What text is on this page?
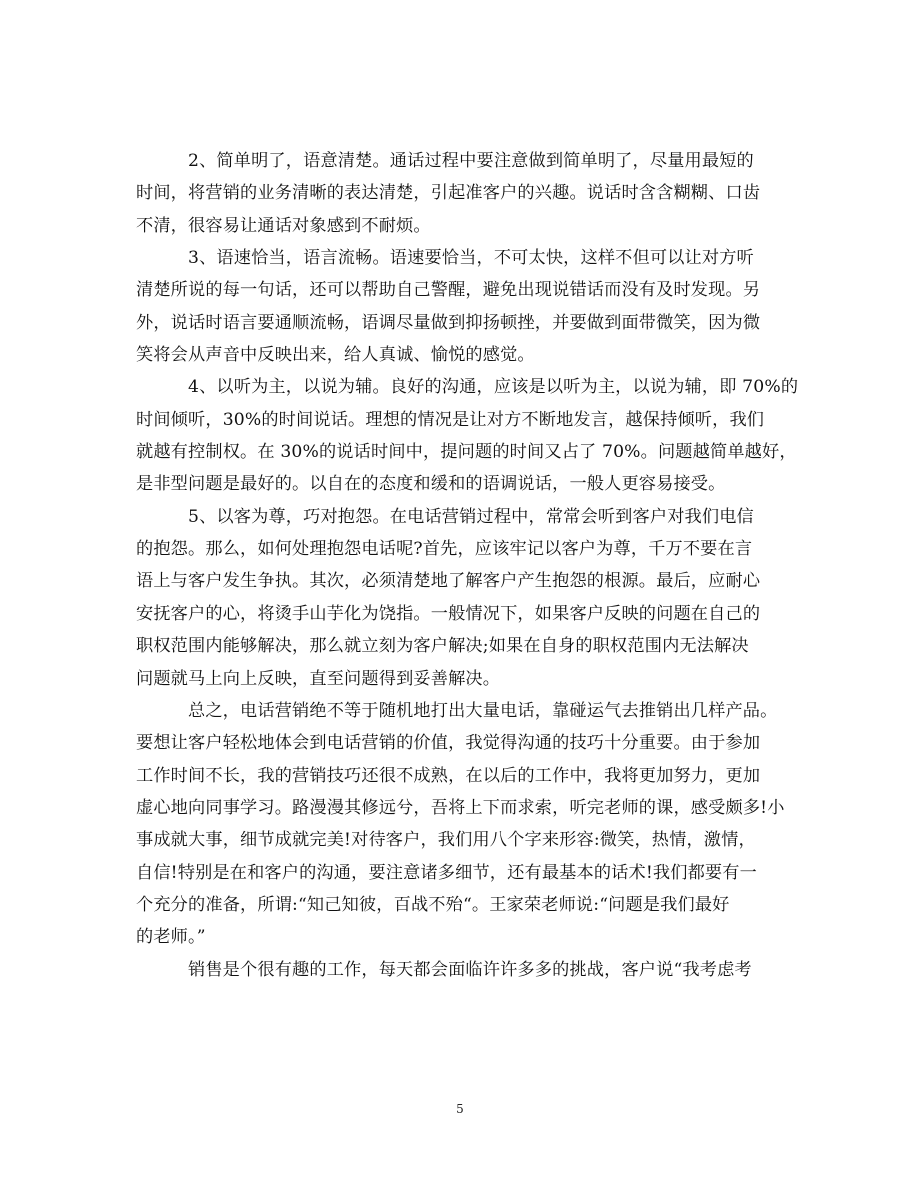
2、简单明了，语意清楚。通话过程中要注意做到简单明了，尽量用最短的
时间，将营销的业务清晰的表达清楚，引起准客户的兴趣。说话时含含糊糊、口齿
不清，很容易让通话对象感到不耐烦。
3、语速恰当，语言流畅。语速要恰当，不可太快，这样不但可以让对方听
清楚所说的每一句话，还可以帮助自己警醒，避免出现说错话而没有及时发现。另
外，说话时语言要通顺流畅，语调尽量做到抑扬顿挫，并要做到面带微笑，因为微
笑将会从声音中反映出来，给人真诚、愉悦的感觉。
4、以听为主，以说为辅。良好的沟通，应该是以听为主，以说为辅，即 70%的
时间倾听，30%的时间说话。理想的情况是让对方不断地发言，越保持倾听，我们
就越有控制权。在 30%的说话时间中，提问题的时间又占了 70%。问题越简单越好，
是非型问题是最好的。以自在的态度和缓和的语调说话，一般人更容易接受。
5、以客为尊，巧对抱怨。在电话营销过程中，常常会听到客户对我们电信
的抱怨。那么，如何处理抱怨电话呢?首先，应该牢记以客户为尊，千万不要在言
语上与客户发生争执。其次，必须清楚地了解客户产生抱怨的根源。最后，应耐心
安抚客户的心，将烫手山芋化为饶指。一般情况下，如果客户反映的问题在自己的
职权范围内能够解决，那么就立刻为客户解决;如果在自身的职权范围内无法解决
问题就马上向上反映，直至问题得到妥善解决。
总之，电话营销绝不等于随机地打出大量电话，靠碰运气去推销出几样产品。
要想让客户轻松地体会到电话营销的价值，我觉得沟通的技巧十分重要。由于参加
工作时间不长，我的营销技巧还很不成熟，在以后的工作中，我将更加努力，更加
虚心地向同事学习。路漫漫其修远兮，吾将上下而求索，听完老师的课，感受颇多!小
事成就大事，细节成就完美!对待客户，我们用八个字来形容:微笑，热情，激情，
自信!特别是在和客户的沟通，要注意诸多细节，还有最基本的话术!我们都要有一
个充分的准备，所谓:“知己知彼，百战不殆“。王家荣老师说:“问题是我们最好
的老师。”
销售是个很有趣的工作，每天都会面临许许多多的挑战，客户说“我考虑考
5
